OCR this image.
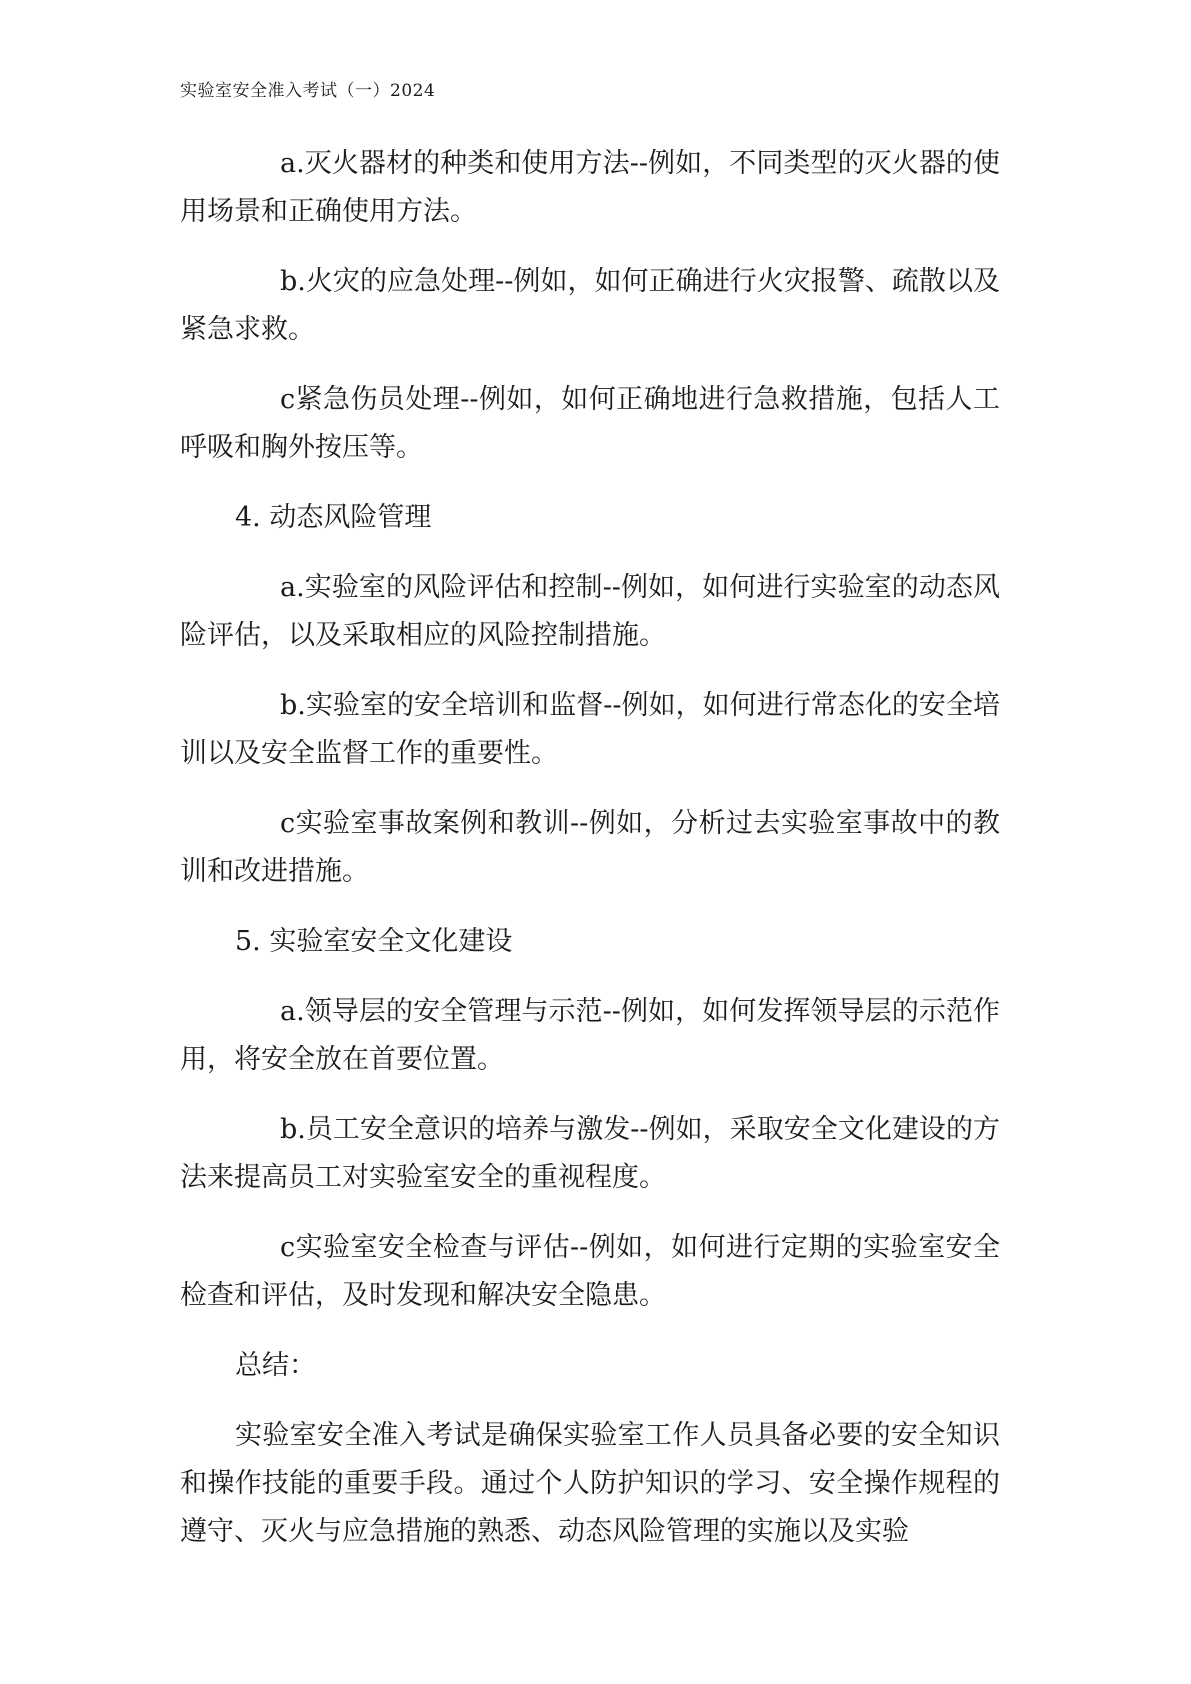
实验室安全准入考试（一）2024

a.灭火器材的种类和使用方法--例如，不同类型的灭火器的使用场景和正确使用方法。

b.火灾的应急处理--例如，如何正确进行火灾报警、疏散以及紧急求救。

c紧急伤员处理--例如，如何正确地进行急救措施，包括人工呼吸和胸外按压等。

4. 动态风险管理

a.实验室的风险评估和控制--例如，如何进行实验室的动态风险评估，以及采取相应的风险控制措施。

b.实验室的安全培训和监督--例如，如何进行常态化的安全培训以及安全监督工作的重要性。

c实验室事故案例和教训--例如，分析过去实验室事故中的教训和改进措施。

5. 实验室安全文化建设

a.领导层的安全管理与示范--例如，如何发挥领导层的示范作用，将安全放在首要位置。

b.员工安全意识的培养与激发--例如，采取安全文化建设的方法来提高员工对实验室安全的重视程度。

c实验室安全检查与评估--例如，如何进行定期的实验室安全检查和评估，及时发现和解决安全隐患。

总结：

实验室安全准入考试是确保实验室工作人员具备必要的安全知识和操作技能的重要手段。通过个人防护知识的学习、安全操作规程的遵守、灭火与应急措施的熟悉、动态风险管理的实施以及实验
